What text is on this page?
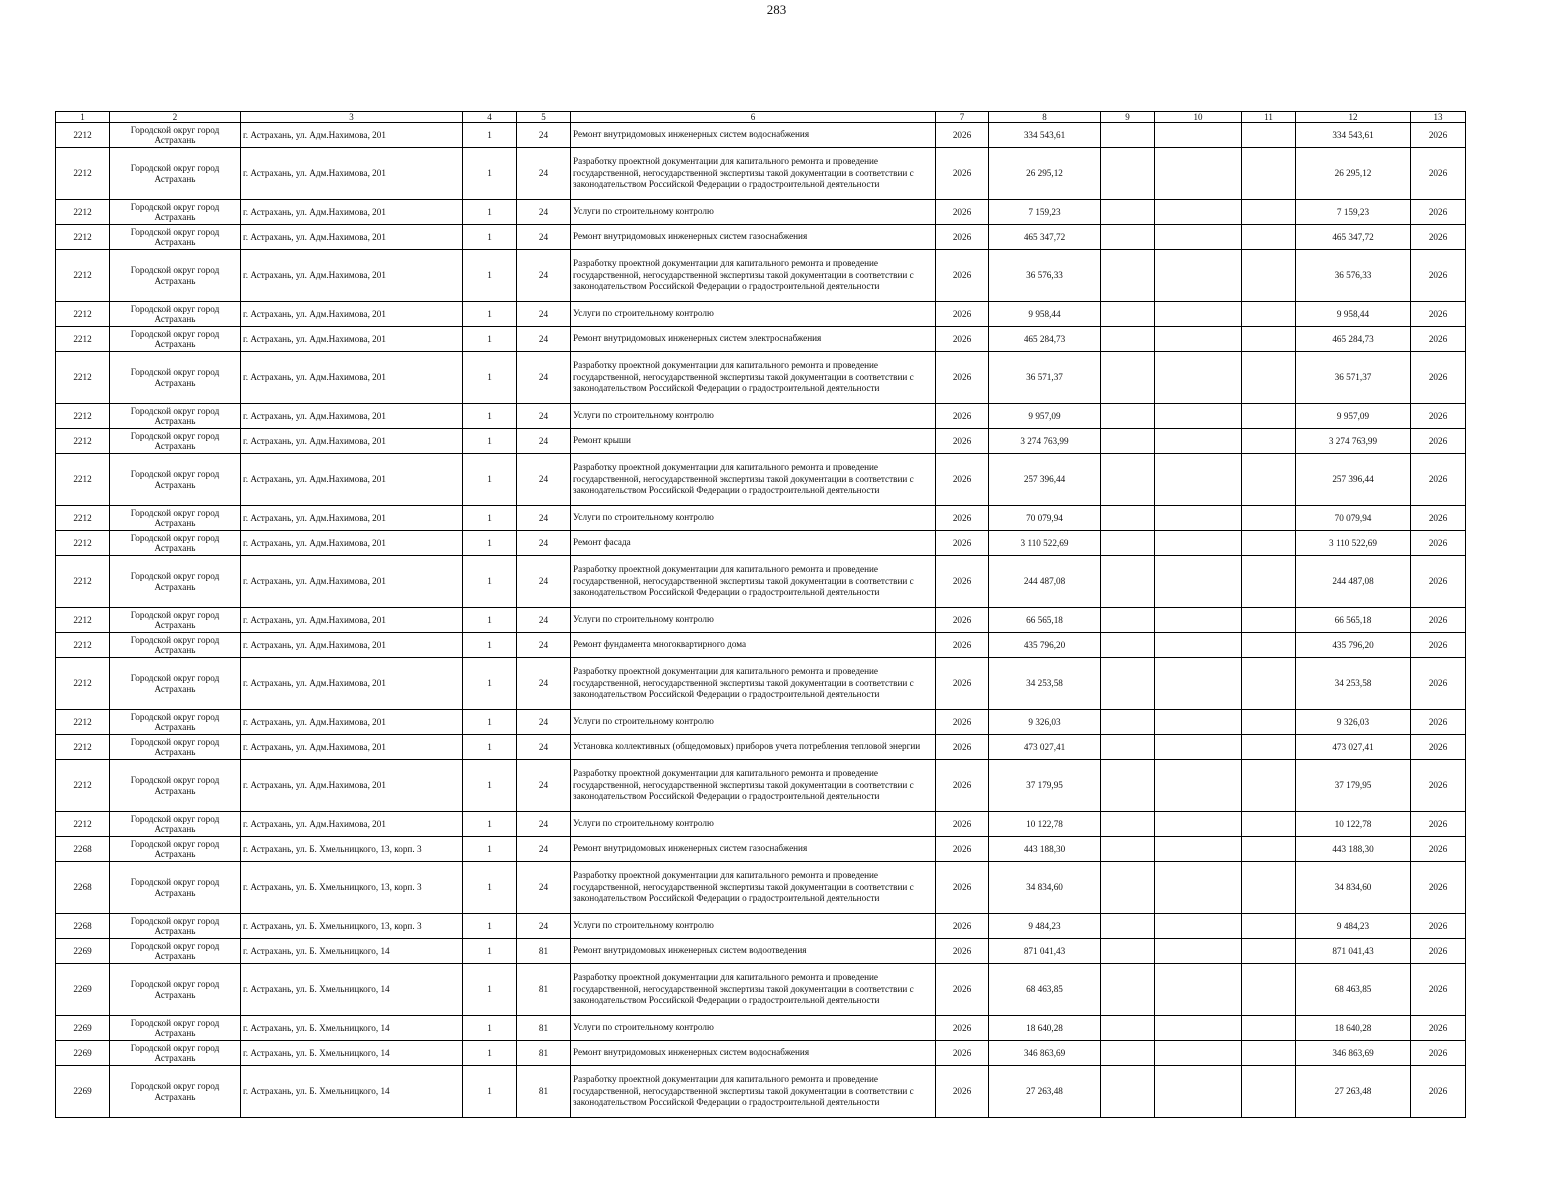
283
1	2	3	4	5	6	7	8	9	10	11	12	13
2212	Городской округ город Астрахань	г. Астрахань, ул. Адм.Нахимова, 201	1	24	Ремонт внутридомовых инженерных систем водоснабжения	2026	334 543,61				334 543,61	2026
2212	Городской округ город Астрахань	г. Астрахань, ул. Адм.Нахимова, 201	1	24	Разработку проектной документации для капитального ремонта и проведение государственной, негосударственной экспертизы такой документации в соответствии с законодательством Российской Федерации о градостроительной деятельности	2026	26 295,12				26 295,12	2026
2212	Городской округ город Астрахань	г. Астрахань, ул. Адм.Нахимова, 201	1	24	Услуги по строительному контролю	2026	7 159,23				7 159,23	2026
2212	Городской округ город Астрахань	г. Астрахань, ул. Адм.Нахимова, 201	1	24	Ремонт внутридомовых инженерных систем газоснабжения	2026	465 347,72				465 347,72	2026
2212	Городской округ город Астрахань	г. Астрахань, ул. Адм.Нахимова, 201	1	24	Разработку проектной документации для капитального ремонта и проведение государственной, негосударственной экспертизы такой документации в соответствии с законодательством Российской Федерации о градостроительной деятельности	2026	36 576,33				36 576,33	2026
2212	Городской округ город Астрахань	г. Астрахань, ул. Адм.Нахимова, 201	1	24	Услуги по строительному контролю	2026	9 958,44				9 958,44	2026
2212	Городской округ город Астрахань	г. Астрахань, ул. Адм.Нахимова, 201	1	24	Ремонт внутридомовых инженерных систем электроснабжения	2026	465 284,73				465 284,73	2026
2212	Городской округ город Астрахань	г. Астрахань, ул. Адм.Нахимова, 201	1	24	Разработку проектной документации для капитального ремонта и проведение государственной, негосударственной экспертизы такой документации в соответствии с законодательством Российской Федерации о градостроительной деятельности	2026	36 571,37				36 571,37	2026
2212	Городской округ город Астрахань	г. Астрахань, ул. Адм.Нахимова, 201	1	24	Услуги по строительному контролю	2026	9 957,09				9 957,09	2026
2212	Городской округ город Астрахань	г. Астрахань, ул. Адм.Нахимова, 201	1	24	Ремонт крыши	2026	3 274 763,99				3 274 763,99	2026
2212	Городской округ город Астрахань	г. Астрахань, ул. Адм.Нахимова, 201	1	24	Разработку проектной документации для капитального ремонта и проведение государственной, негосударственной экспертизы такой документации в соответствии с законодательством Российской Федерации о градостроительной деятельности	2026	257 396,44				257 396,44	2026
2212	Городской округ город Астрахань	г. Астрахань, ул. Адм.Нахимова, 201	1	24	Услуги по строительному контролю	2026	70 079,94				70 079,94	2026
2212	Городской округ город Астрахань	г. Астрахань, ул. Адм.Нахимова, 201	1	24	Ремонт фасада	2026	3 110 522,69				3 110 522,69	2026
2212	Городской округ город Астрахань	г. Астрахань, ул. Адм.Нахимова, 201	1	24	Разработку проектной документации для капитального ремонта и проведение государственной, негосударственной экспертизы такой документации в соответствии с законодательством Российской Федерации о градостроительной деятельности	2026	244 487,08				244 487,08	2026
2212	Городской округ город Астрахань	г. Астрахань, ул. Адм.Нахимова, 201	1	24	Услуги по строительному контролю	2026	66 565,18				66 565,18	2026
2212	Городской округ город Астрахань	г. Астрахань, ул. Адм.Нахимова, 201	1	24	Ремонт фундамента многоквартирного дома	2026	435 796,20				435 796,20	2026
2212	Городской округ город Астрахань	г. Астрахань, ул. Адм.Нахимова, 201	1	24	Разработку проектной документации для капитального ремонта и проведение государственной, негосударственной экспертизы такой документации в соответствии с законодательством Российской Федерации о градостроительной деятельности	2026	34 253,58				34 253,58	2026
2212	Городской округ город Астрахань	г. Астрахань, ул. Адм.Нахимова, 201	1	24	Услуги по строительному контролю	2026	9 326,03				9 326,03	2026
2212	Городской округ город Астрахань	г. Астрахань, ул. Адм.Нахимова, 201	1	24	Установка коллективных (общедомовых) приборов учета потребления тепловой энергии	2026	473 027,41				473 027,41	2026
2212	Городской округ город Астрахань	г. Астрахань, ул. Адм.Нахимова, 201	1	24	Разработку проектной документации для капитального ремонта и проведение государственной, негосударственной экспертизы такой документации в соответствии с законодательством Российской Федерации о градостроительной деятельности	2026	37 179,95				37 179,95	2026
2212	Городской округ город Астрахань	г. Астрахань, ул. Адм.Нахимова, 201	1	24	Услуги по строительному контролю	2026	10 122,78				10 122,78	2026
2268	Городской округ город Астрахань	г. Астрахань, ул. Б. Хмельницкого, 13, корп. 3	1	24	Ремонт внутридомовых инженерных систем газоснабжения	2026	443 188,30				443 188,30	2026
2268	Городской округ город Астрахань	г. Астрахань, ул. Б. Хмельницкого, 13, корп. 3	1	24	Разработку проектной документации для капитального ремонта и проведение государственной, негосударственной экспертизы такой документации в соответствии с законодательством Российской Федерации о градостроительной деятельности	2026	34 834,60				34 834,60	2026
2268	Городской округ город Астрахань	г. Астрахань, ул. Б. Хмельницкого, 13, корп. 3	1	24	Услуги по строительному контролю	2026	9 484,23				9 484,23	2026
2269	Городской округ город Астрахань	г. Астрахань, ул. Б. Хмельницкого, 14	1	81	Ремонт внутридомовых инженерных систем водоотведения	2026	871 041,43				871 041,43	2026
2269	Городской округ город Астрахань	г. Астрахань, ул. Б. Хмельницкого, 14	1	81	Разработку проектной документации для капитального ремонта и проведение государственной, негосударственной экспертизы такой документации в соответствии с законодательством Российской Федерации о градостроительной деятельности	2026	68 463,85				68 463,85	2026
2269	Городской округ город Астрахань	г. Астрахань, ул. Б. Хмельницкого, 14	1	81	Услуги по строительному контролю	2026	18 640,28				18 640,28	2026
2269	Городской округ город Астрахань	г. Астрахань, ул. Б. Хмельницкого, 14	1	81	Ремонт внутридомовых инженерных систем водоснабжения	2026	346 863,69				346 863,69	2026
2269	Городской округ город Астрахань	г. Астрахань, ул. Б. Хмельницкого, 14	1	81	Разработку проектной документации для капитального ремонта и проведение государственной, негосударственной экспертизы такой документации в соответствии с законодательством Российской Федерации о градостроительной деятельности	2026	27 263,48				27 263,48	2026
